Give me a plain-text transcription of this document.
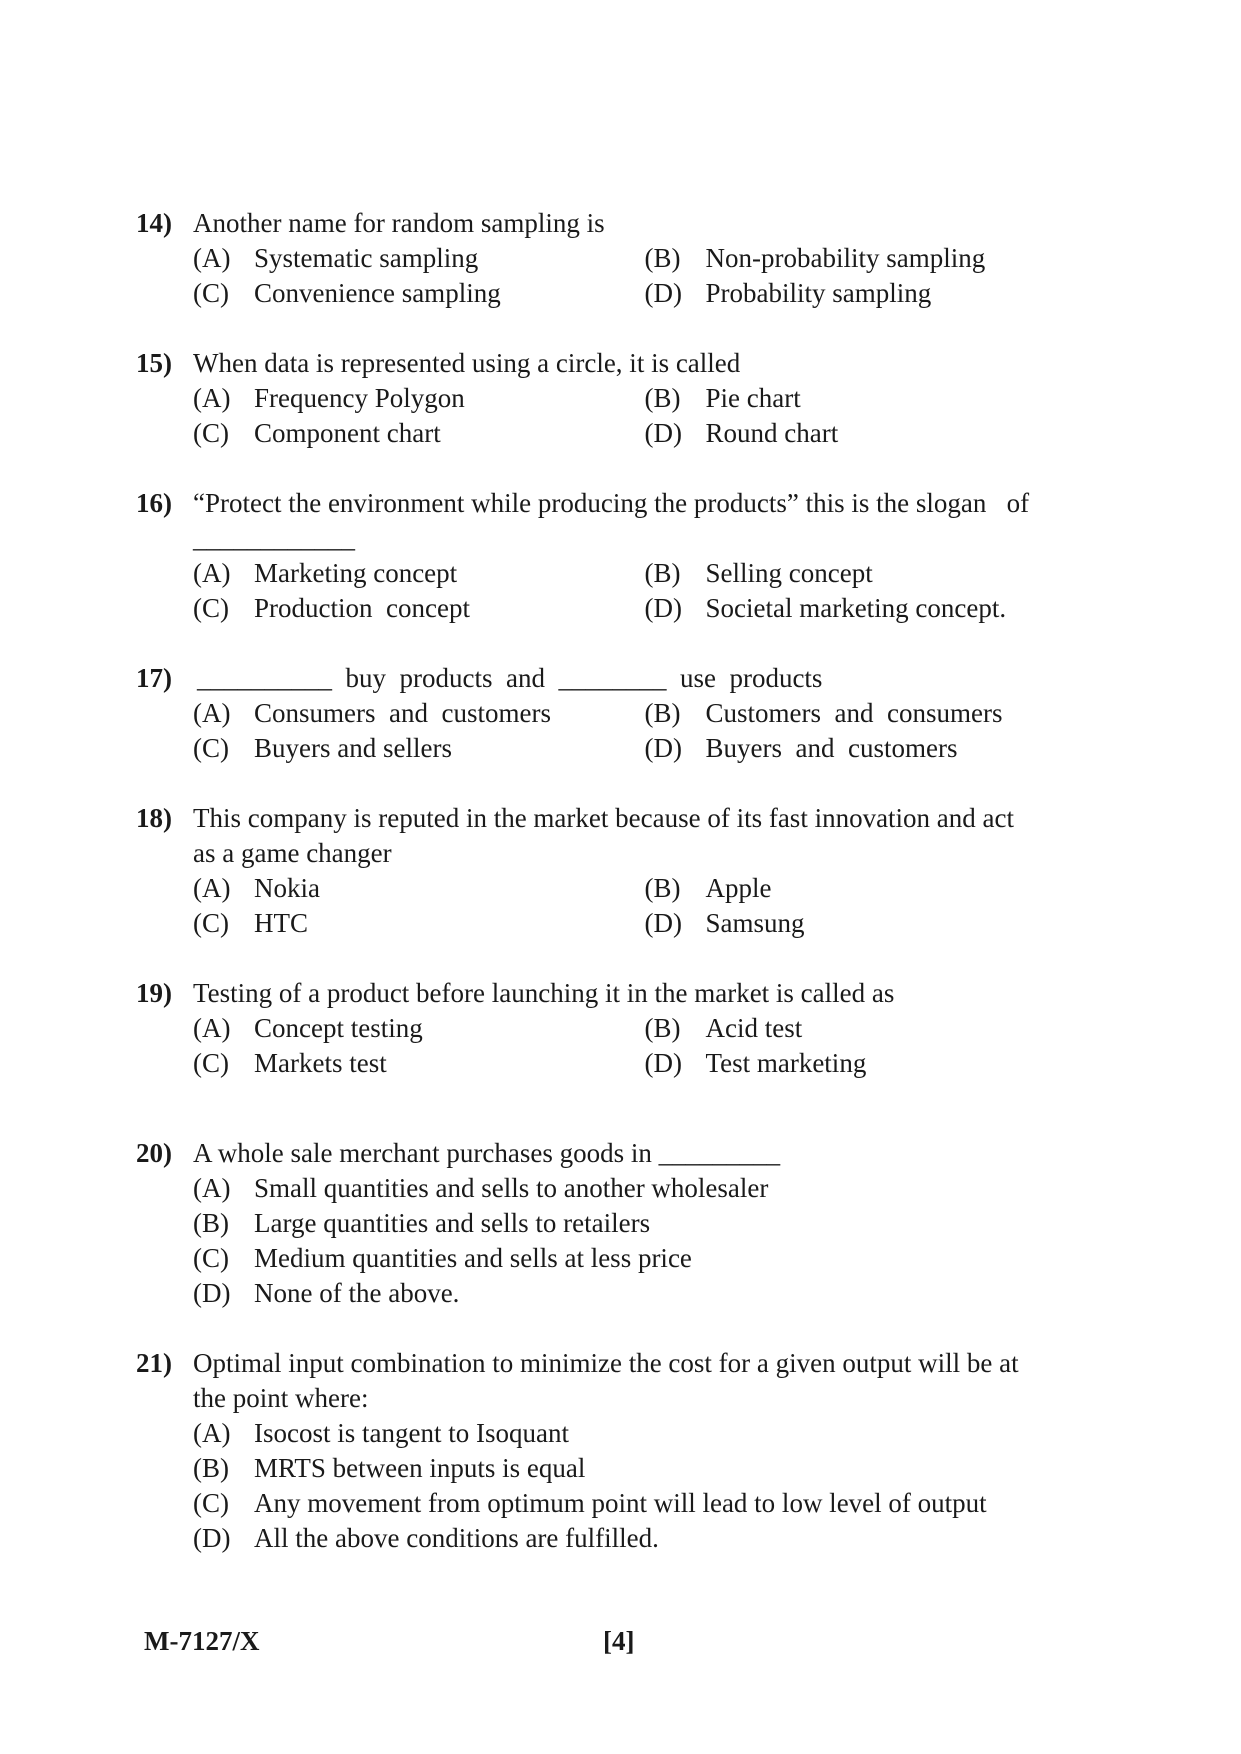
14) Another name for random sampling is
(A) Systematic sampling	(B) Non-probability sampling
(C) Convenience sampling	(D) Probability sampling
15) When data is represented using a circle, it is called
(A) Frequency Polygon	(B) Pie chart
(C) Component chart	(D) Round chart
16) “Protect the environment while producing the products” this is the slogan   of
____________
(A) Marketing concept	(B) Selling concept
(C) Production  concept	(D) Societal marketing concept.
17) __________  buy  products  and  ________  use  products
(A) Consumers  and  customers	(B) Customers  and  consumers
(C) Buyers and sellers	(D) Buyers  and  customers
18) This company is reputed in the market because of its fast innovation and act
as a game changer
(A) Nokia	(B) Apple
(C) HTC	(D) Samsung
19) Testing of a product before launching it in the market is called as
(A) Concept testing	(B) Acid test
(C) Markets test	(D) Test marketing
20) A whole sale merchant purchases goods in _________
(A) Small quantities and sells to another wholesaler
(B) Large quantities and sells to retailers
(C) Medium quantities and sells at less price
(D) None of the above.
21) Optimal input combination to minimize the cost for a given output will be at
the point where:
(A) Isocost is tangent to Isoquant
(B) MRTS between inputs is equal
(C) Any movement from optimum point will lead to low level of output
(D) All the above conditions are fulfilled.
M-7127/X	[4]
